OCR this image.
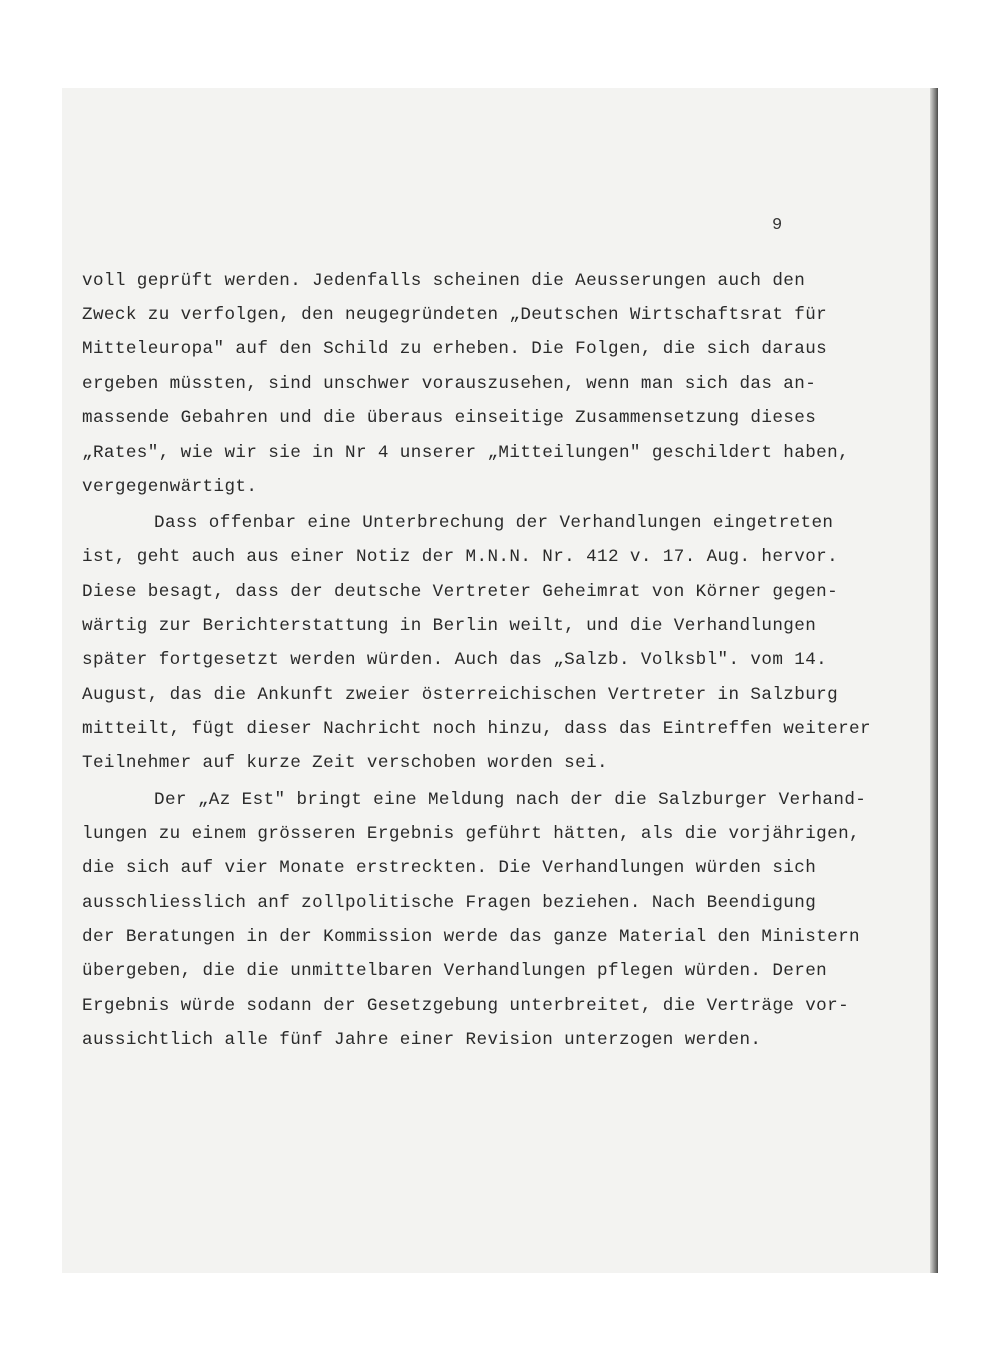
9
voll geprüft werden. Jedenfalls scheinen die Aeusserungen auch den
Zweck zu verfolgen, den neugegründeten „Deutschen Wirtschaftsrat für
Mitteleuropa" auf den Schild zu erheben. Die Folgen, die sich daraus
ergeben müssten, sind unschwer vorauszusehen, wenn man sich das an-
massende Gebahren und die überaus einseitige Zusammensetzung dieses
„Rates", wie wir sie in Nr 4 unserer „Mitteilungen" geschildert haben,
vergegenwärtigt.
Dass offenbar eine Unterbrechung der Verhandlungen eingetreten
ist, geht auch aus einer Notiz der M.N.N. Nr. 412 v. 17. Aug. hervor.
Diese besagt, dass der deutsche Vertreter Geheimrat von Körner gegen-
wärtig zur Berichterstattung in Berlin weilt, und die Verhandlungen
später fortgesetzt werden würden. Auch das „Salzb. Volksbl". vom 14.
August, das die Ankunft zweier österreichischen Vertreter in Salzburg
mitteilt, fügt dieser Nachricht noch hinzu, dass das Eintreffen weiterer
Teilnehmer auf kurze Zeit verschoben worden sei.
Der „Az Est" bringt eine Meldung nach der die Salzburger Verhand-
lungen zu einem grösseren Ergebnis geführt hätten, als die vorjährigen,
die sich auf vier Monate erstreckten. Die Verhandlungen würden sich
ausschliesslich anf zollpolitische Fragen beziehen. Nach Beendigung
der Beratungen in der Kommission werde das ganze Material den Ministern
übergeben, die die unmittelbaren Verhandlungen pflegen würden. Deren
Ergebnis würde sodann der Gesetzgebung unterbreitet, die Verträge vor-
aussichtlich alle fünf Jahre einer Revision unterzogen werden.
